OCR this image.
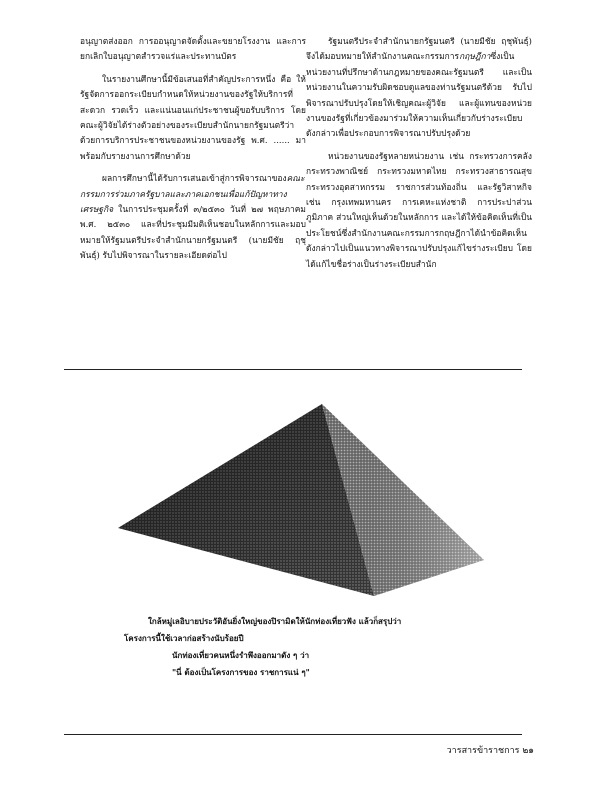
อนุญาตส่งออก การออนุญาตจัดตั้งและขยายโรงงาน และการยกเลิกใบอนุญาตสำรวจแร่และประทานบัตร

ในรายงานศึกษานี้มีข้อเสนอที่สำคัญประการหนึ่ง คือ ให้รัฐจัดการออกระเบียบกำหนดให้หน่วยงานของรัฐให้บริการที่สะดวก รวดเร็ว และแน่นอนแก่ประชาชนผู้ขอรับบริการ โดยคณะผู้วิจัยได้ร่างตัวอย่างของระเบียบสำนักนายกรัฐมนตรีว่าด้วยการบริการประชาชนของหน่วยงานของรัฐ พ.ศ. ...... มาพร้อมกับรายงานการศึกษาด้วย

ผลการศึกษานี้ได้รับการเสนอเข้าสู่การพิจารณาของคณะกรรมการร่วมภาครัฐบาลและภาคเอกชนเพื่อแก้ปัญหาทางเศรษฐกิจ ในการประชุมครั้งที่ ๓/๒๕๓๐ วันที่ ๒๗ พฤษภาคม พ.ศ. ๒๕๓๐ และที่ประชุมมีมติเห็นชอบในหลักการและมอบหมายให้รัฐมนตรีประจำสำนักนายกรัฐมนตรี (นายมีชัย ฤชุพันธุ์) รับไปพิจารณาในรายละเอียดต่อไป

รัฐมนตรีประจำสำนักนายกรัฐมนตรี (นายมีชัย ฤชุพันธุ์) จึงได้มอบหมายให้สำนักงานคณะกรรมการกฤษฎีกาซึ่งเป็นหน่วยงานที่ปรึกษาด้านกฎหมายของคณะรัฐมนตรี และเป็นหน่วยงานในความรับผิดชอบดูแลของท่านรัฐมนตรีด้วย รับไปพิจารณาปรับปรุงโดยให้เชิญคณะผู้วิจัย และผู้แทนของหน่วยงานของรัฐที่เกี่ยวข้องมาร่วมให้ความเห็นเกี่ยวกับร่างระเบียบดังกล่าวเพื่อประกอบการพิจารณาปรับปรุงด้วย

หน่วยงานของรัฐหลายหน่วยงาน เช่น กระทรวงการคลัง กระทรวงพาณิชย์ กระทรวงมหาดไทย กระทรวงสาธารณสุข กระทรวงอุตสาหกรรม ราชการส่วนท้องถิ่น และรัฐวิสาหกิจ เช่น กรุงเทพมหานคร การเคหะแห่งชาติ การประปาส่วนภูมิภาค ส่วนใหญ่เห็นด้วยในหลักการ และได้ให้ข้อคิดเห็นที่เป็นประโยชน์ซึ่งสำนักงานคณะกรรมการกฤษฎีกาได้นำข้อคิดเห็นดังกล่าวไปเป็นแนวทางพิจารณาปรับปรุงแก้ไขร่างระเบียบ โดยได้แก้ไขชื่อร่างเป็นร่างระเบียบสำนัก

ใกล้หมู่เลอิบายประวัติอันยิ่งใหญ่ของปิรามิดให้นักท่องเที่ยวฟัง แล้วก็สรุปว่า
โครงการนี้ใช้เวลาก่อสร้างนับร้อยปี
นักท่องเที่ยวคนหนึ่งรำพึงออกมาดัง ๆ ว่า
"นี่ ต้องเป็นโครงการของ ราชการแน่ ๆ"
วารสารข้าราชการ ๒๑
